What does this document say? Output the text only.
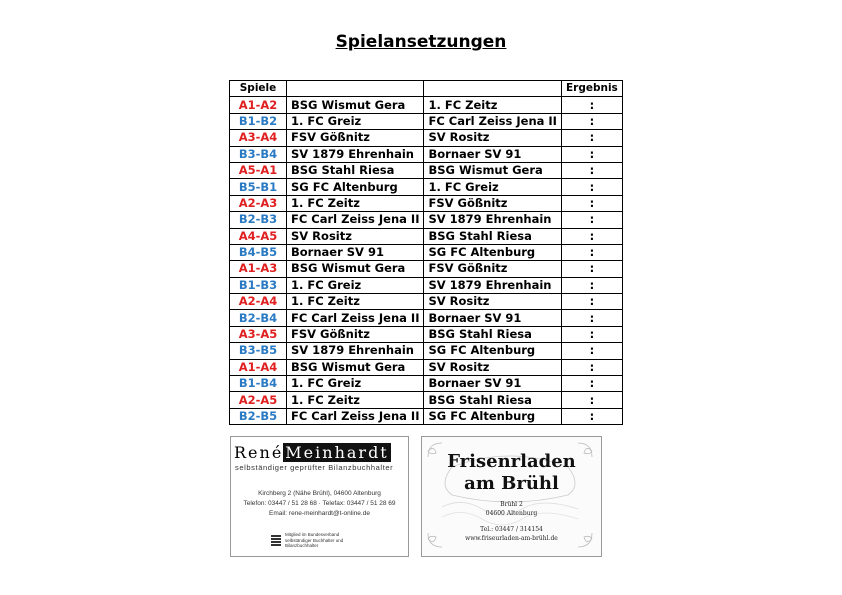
Spielansetzungen
Spiele			Ergebnis
A1-A2	BSG Wismut Gera	1. FC Zeitz	:
B1-B2	1. FC Greiz	FC Carl Zeiss Jena II	:
A3-A4	FSV Gößnitz	SV Rositz	:
B3-B4	SV 1879 Ehrenhain	Bornaer SV 91	:
A5-A1	BSG Stahl Riesa	BSG Wismut Gera	:
B5-B1	SG FC Altenburg	1. FC Greiz	:
A2-A3	1. FC Zeitz	FSV Gößnitz	:
B2-B3	FC Carl Zeiss Jena II	SV 1879 Ehrenhain	:
A4-A5	SV Rositz	BSG Stahl Riesa	:
B4-B5	Bornaer SV 91	SG FC Altenburg	:
A1-A3	BSG Wismut Gera	FSV Gößnitz	:
B1-B3	1. FC Greiz	SV 1879 Ehrenhain	:
A2-A4	1. FC Zeitz	SV Rositz	:
B2-B4	FC Carl Zeiss Jena II	Bornaer SV 91	:
A3-A5	FSV Gößnitz	BSG Stahl Riesa	:
B3-B5	SV 1879 Ehrenhain	SG FC Altenburg	:
A1-A4	BSG Wismut Gera	SV Rositz	:
B1-B4	1. FC Greiz	Bornaer SV 91	:
A2-A5	1. FC Zeitz	BSG Stahl Riesa	:
B2-B5	FC Carl Zeiss Jena II	SG FC Altenburg	:
René Meinhardt
selbständiger geprüfter Bilanzbuchhalter
Kirchberg 2 (Nähe Brühl), 04600 Altenburg
Telefon: 03447 / 51 28 68 · Telefax: 03447 / 51 28 69
Email: rene-meinhardt@t-online.de
Mitglied im Bundesverband selbständiger Buchhalter und Bilanzbuchhalter
Frisenrladen
am Brühl
Brühl 2
04600 Altenburg
Tel.: 03447 / 314154
www.friseurladen-am-brühl.de
